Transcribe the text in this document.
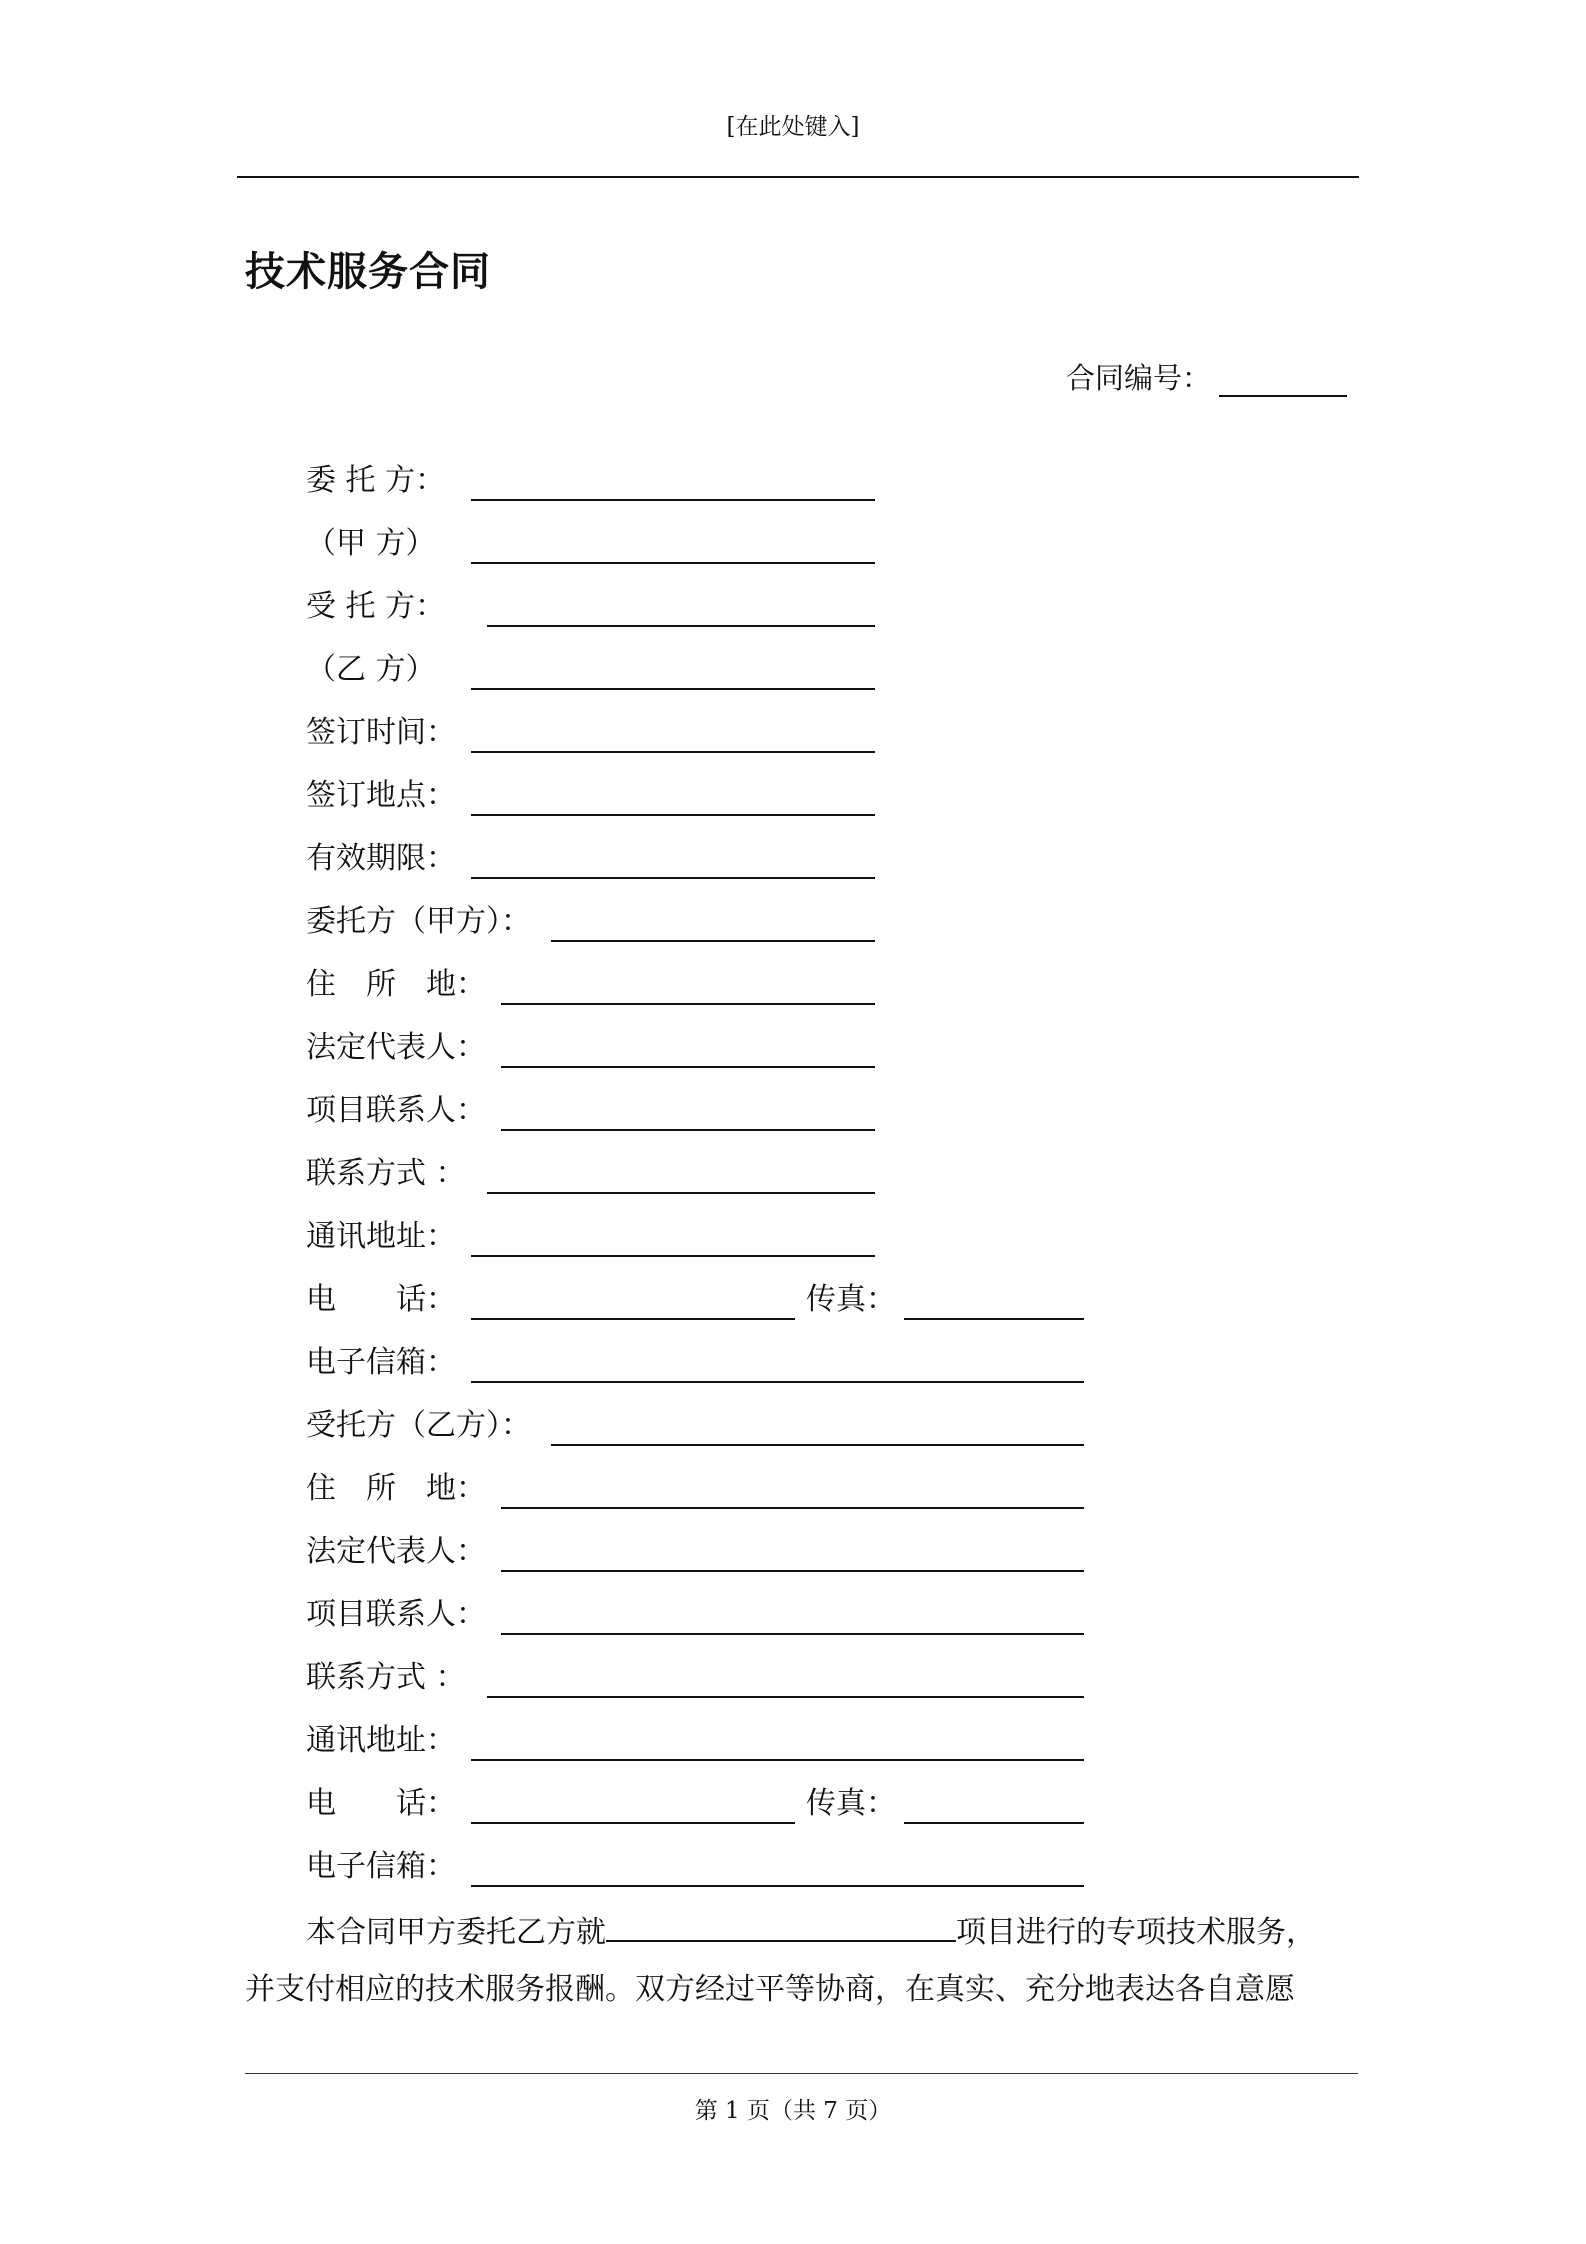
[在此处键入]
技术服务合同
合同编号：
委 托 方：
（甲 方）
受 托 方：
（乙 方）
签订时间：
签订地点：
有效期限：
委托方（甲方）：
住　所　地：
法定代表人：
项目联系人：
联系方式 ：
通讯地址：
电　　话：	传真：
电子信箱：
受托方（乙方）：
住　所　地：
法定代表人：
项目联系人：
联系方式 ：
通讯地址：
电　　话：	传真：
电子信箱：
本合同甲方委托乙方就	项目进行的专项技术服务，
并支付相应的技术服务报酬。双方经过平等协商，在真实、充分地表达各自意愿
第 1 页（共 7 页）
